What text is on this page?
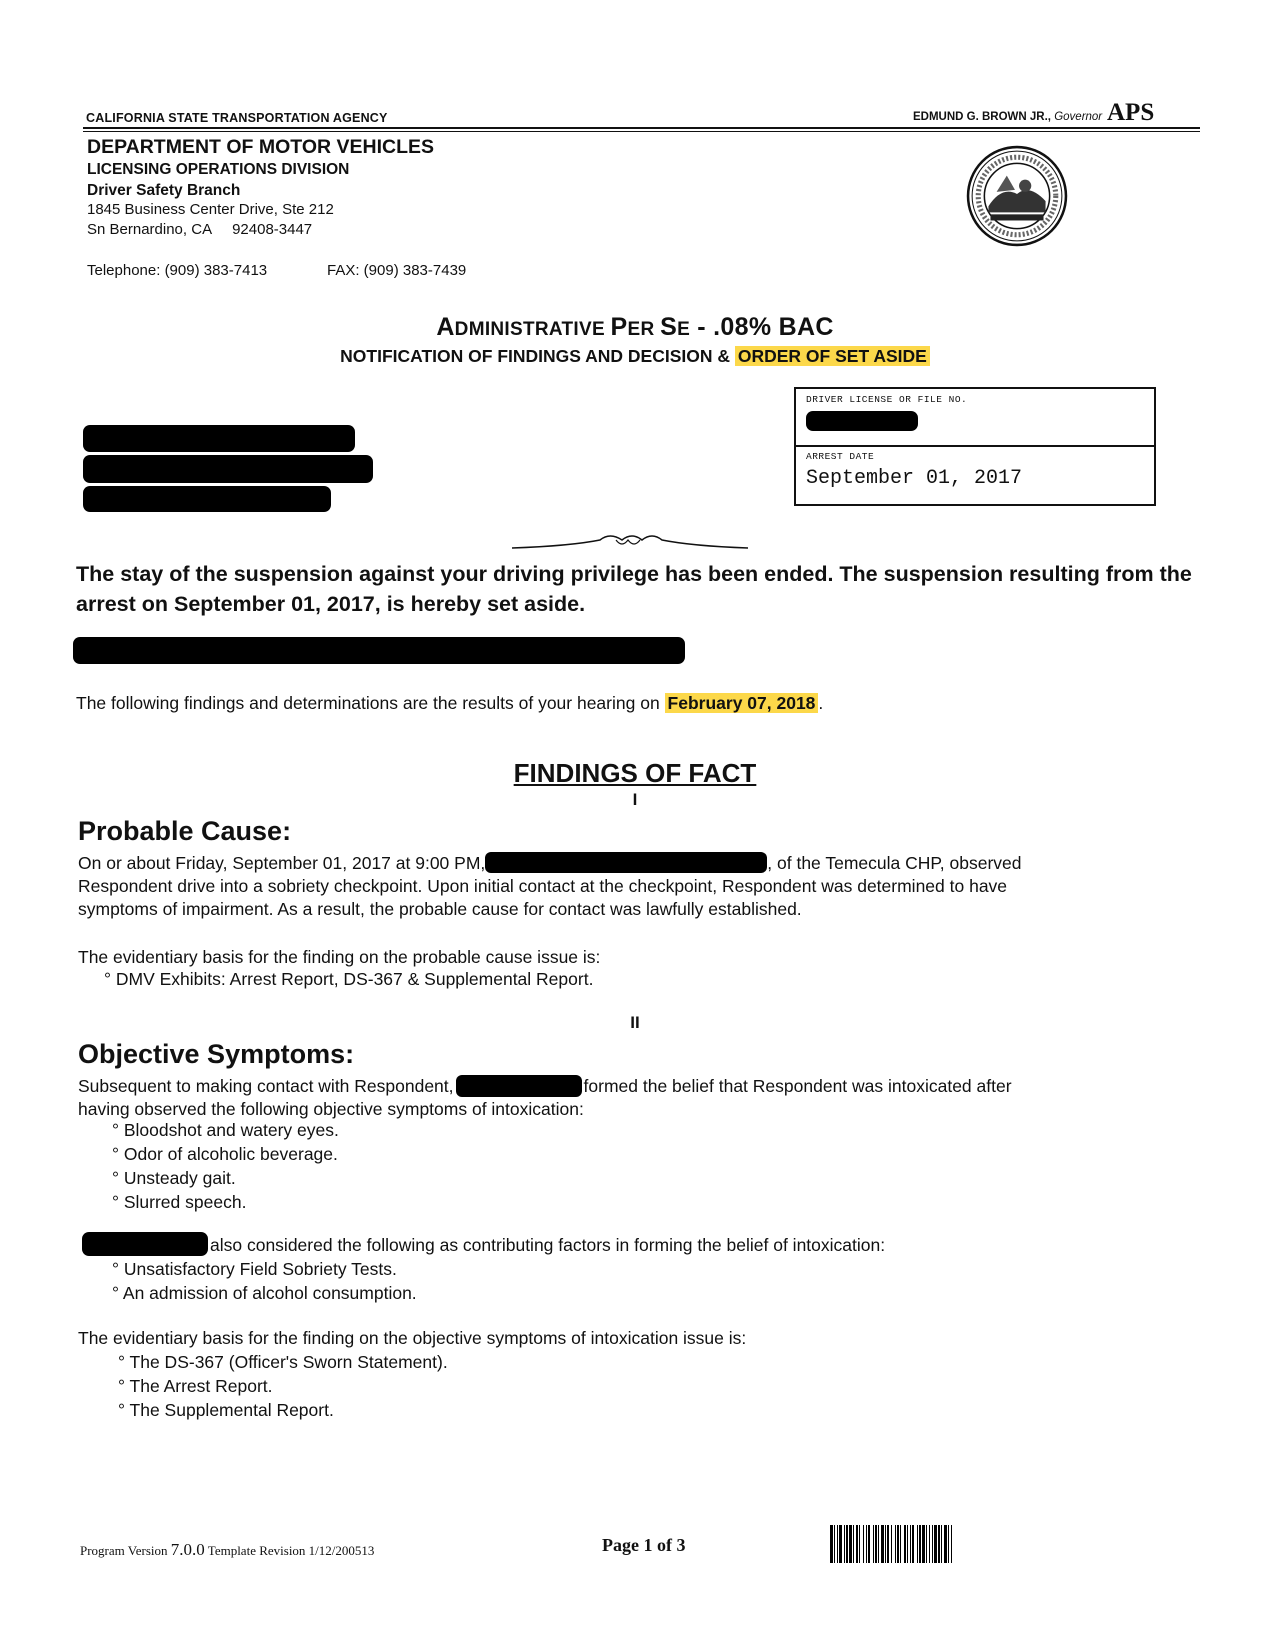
CALIFORNIA STATE TRANSPORTATION AGENCY	EDMUND G. BROWN JR., Governor APS
DEPARTMENT OF MOTOR VEHICLES
LICENSING OPERATIONS DIVISION
Driver Safety Branch
1845 Business Center Drive, Ste 212
Sn Bernardino, CA     92408-3447
Telephone: (909) 383-7413	FAX: (909) 383-7439
ADMINISTRATIVE PER SE - .08% BAC
NOTIFICATION OF FINDINGS AND DECISION & ORDER OF SET ASIDE
DRIVER LICENSE OR FILE NO.
ARREST DATE
September 01, 2017
The stay of the suspension against your driving privilege has been ended. The suspension resulting from the arrest on September 01, 2017, is hereby set aside.
The following findings and determinations are the results of your hearing on February 07, 2018 .
FINDINGS OF FACT
I
Probable Cause:
On or about Friday, September 01, 2017 at 9:00 PM,	, of the Temecula CHP, observed
Respondent drive into a sobriety checkpoint. Upon initial contact at the checkpoint, Respondent was determined to have
symptoms of impairment. As a result, the probable cause for contact was lawfully established.
The evidentiary basis for the finding on the probable cause issue is:
° DMV Exhibits: Arrest Report, DS-367 & Supplemental Report.
II
Objective Symptoms:
Subsequent to making contact with Respondent,	formed the belief that Respondent was intoxicated after
having observed the following objective symptoms of intoxication:
° Bloodshot and watery eyes.
° Odor of alcoholic beverage.
° Unsteady gait.
° Slurred speech.
also considered the following as contributing factors in forming the belief of intoxication:
° Unsatisfactory Field Sobriety Tests.
° An admission of alcohol consumption.
The evidentiary basis for the finding on the objective symptoms of intoxication issue is:
° The DS-367 (Officer's Sworn Statement).
° The Arrest Report.
° The Supplemental Report.
Program Version 7.0.0 Template Revision 1/12/200513	Page 1 of 3
